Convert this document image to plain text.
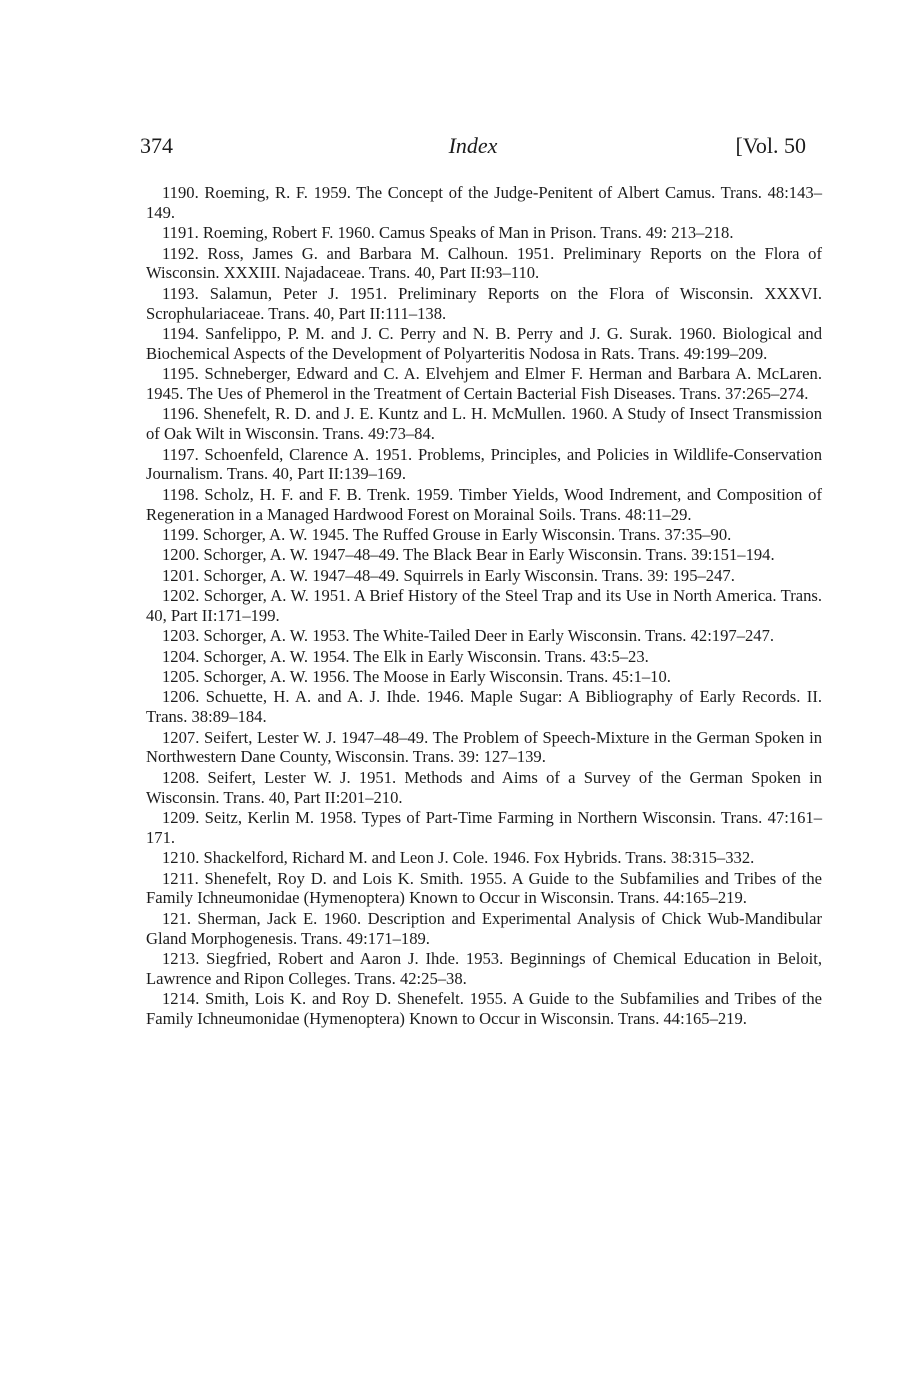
374	Index	[Vol. 50

1190. Roeming, R. F. 1959. The Concept of the Judge-Penitent of Albert Camus. Trans. 48:143–149.

1191. Roeming, Robert F. 1960. Camus Speaks of Man in Prison. Trans. 49: 213–218.

1192. Ross, James G. and Barbara M. Calhoun. 1951. Preliminary Reports on the Flora of Wisconsin. XXXIII. Najadaceae. Trans. 40, Part II:93–110.

1193. Salamun, Peter J. 1951. Preliminary Reports on the Flora of Wisconsin. XXXVI. Scrophulariaceae. Trans. 40, Part II:111–138.

1194. Sanfelippo, P. M. and J. C. Perry and N. B. Perry and J. G. Surak. 1960. Biological and Biochemical Aspects of the Development of Polyarteritis Nodosa in Rats. Trans. 49:199–209.

1195. Schneberger, Edward and C. A. Elvehjem and Elmer F. Herman and Barbara A. McLaren. 1945. The Ues of Phemerol in the Treatment of Certain Bacterial Fish Diseases. Trans. 37:265–274.

1196. Shenefelt, R. D. and J. E. Kuntz and L. H. McMullen. 1960. A Study of Insect Transmission of Oak Wilt in Wisconsin. Trans. 49:73–84.

1197. Schoenfeld, Clarence A. 1951. Problems, Principles, and Policies in Wildlife-Conservation Journalism. Trans. 40, Part II:139–169.

1198. Scholz, H. F. and F. B. Trenk. 1959. Timber Yields, Wood Indrement, and Composition of Regeneration in a Managed Hardwood Forest on Morainal Soils. Trans. 48:11–29.

1199. Schorger, A. W. 1945. The Ruffed Grouse in Early Wisconsin. Trans. 37:35–90.

1200. Schorger, A. W. 1947–48–49. The Black Bear in Early Wisconsin. Trans. 39:151–194.

1201. Schorger, A. W. 1947–48–49. Squirrels in Early Wisconsin. Trans. 39: 195–247.

1202. Schorger, A. W. 1951. A Brief History of the Steel Trap and its Use in North America. Trans. 40, Part II:171–199.

1203. Schorger, A. W. 1953. The White-Tailed Deer in Early Wisconsin. Trans. 42:197–247.

1204. Schorger, A. W. 1954. The Elk in Early Wisconsin. Trans. 43:5–23.

1205. Schorger, A. W. 1956. The Moose in Early Wisconsin. Trans. 45:1–10.

1206. Schuette, H. A. and A. J. Ihde. 1946. Maple Sugar: A Bibliography of Early Records. II. Trans. 38:89–184.

1207. Seifert, Lester W. J. 1947–48–49. The Problem of Speech-Mixture in the German Spoken in Northwestern Dane County, Wisconsin. Trans. 39: 127–139.

1208. Seifert, Lester W. J. 1951. Methods and Aims of a Survey of the German Spoken in Wisconsin. Trans. 40, Part II:201–210.

1209. Seitz, Kerlin M. 1958. Types of Part-Time Farming in Northern Wisconsin. Trans. 47:161–171.

1210. Shackelford, Richard M. and Leon J. Cole. 1946. Fox Hybrids. Trans. 38:315–332.

1211. Shenefelt, Roy D. and Lois K. Smith. 1955. A Guide to the Subfamilies and Tribes of the Family Ichneumonidae (Hymenoptera) Known to Occur in Wisconsin. Trans. 44:165–219.

121. Sherman, Jack E. 1960. Description and Experimental Analysis of Chick Wub-Mandibular Gland Morphogenesis. Trans. 49:171–189.

1213. Siegfried, Robert and Aaron J. Ihde. 1953. Beginnings of Chemical Education in Beloit, Lawrence and Ripon Colleges. Trans. 42:25–38.

1214. Smith, Lois K. and Roy D. Shenefelt. 1955. A Guide to the Subfamilies and Tribes of the Family Ichneumonidae (Hymenoptera) Known to Occur in Wisconsin. Trans. 44:165–219.
